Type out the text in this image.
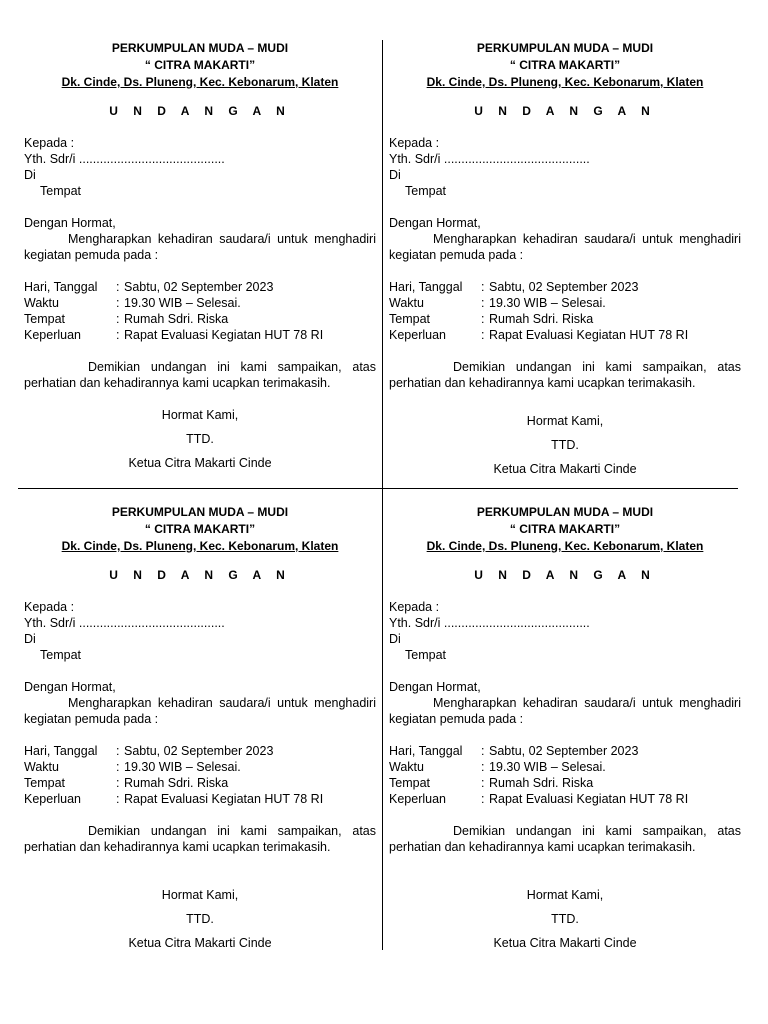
PERKUMPULAN MUDA – MUDI
“ CITRA MAKARTI”
Dk. Cinde, Ds. Pluneng, Kec. Kebonarum, Klaten
U N D A N G A N
Kepada :
Yth. Sdr/i ..........................................
Di
Tempat
Dengan Hormat,
Mengharapkan kehadiran saudara/i untuk menghadiri kegiatan pemuda pada :
Hari, Tanggal	: Sabtu, 02 September 2023
Waktu	: 19.30 WIB – Selesai.
Tempat	: Rumah Sdri. Riska
Keperluan	: Rapat Evaluasi Kegiatan HUT 78 RI
Demikian undangan ini kami sampaikan, atas perhatian dan kehadirannya kami ucapkan terimakasih.
Hormat Kami,
TTD.
Ketua Citra Makarti Cinde
PERKUMPULAN MUDA – MUDI
“ CITRA MAKARTI”
Dk. Cinde, Ds. Pluneng, Kec. Kebonarum, Klaten
U N D A N G A N
Kepada :
Yth. Sdr/i ..........................................
Di
Tempat
Dengan Hormat,
Mengharapkan kehadiran saudara/i untuk menghadiri kegiatan pemuda pada :
Hari, Tanggal	: Sabtu, 02 September 2023
Waktu	: 19.30 WIB – Selesai.
Tempat	: Rumah Sdri. Riska
Keperluan	: Rapat Evaluasi Kegiatan HUT 78 RI
Demikian undangan ini kami sampaikan, atas perhatian dan kehadirannya kami ucapkan terimakasih.
Hormat Kami,
TTD.
Ketua Citra Makarti Cinde
PERKUMPULAN MUDA – MUDI
“ CITRA MAKARTI”
Dk. Cinde, Ds. Pluneng, Kec. Kebonarum, Klaten
U N D A N G A N
Kepada :
Yth. Sdr/i ..........................................
Di
Tempat
Dengan Hormat,
Mengharapkan kehadiran saudara/i untuk menghadiri kegiatan pemuda pada :
Hari, Tanggal	: Sabtu, 02 September 2023
Waktu	: 19.30 WIB – Selesai.
Tempat	: Rumah Sdri. Riska
Keperluan	: Rapat Evaluasi Kegiatan HUT 78 RI
Demikian undangan ini kami sampaikan, atas perhatian dan kehadirannya kami ucapkan terimakasih.
Hormat Kami,
TTD.
Ketua Citra Makarti Cinde
PERKUMPULAN MUDA – MUDI
“ CITRA MAKARTI”
Dk. Cinde, Ds. Pluneng, Kec. Kebonarum, Klaten
U N D A N G A N
Kepada :
Yth. Sdr/i ..........................................
Di
Tempat
Dengan Hormat,
Mengharapkan kehadiran saudara/i untuk menghadiri kegiatan pemuda pada :
Hari, Tanggal	: Sabtu, 02 September 2023
Waktu	: 19.30 WIB – Selesai.
Tempat	: Rumah Sdri. Riska
Keperluan	: Rapat Evaluasi Kegiatan HUT 78 RI
Demikian undangan ini kami sampaikan, atas perhatian dan kehadirannya kami ucapkan terimakasih.
Hormat Kami,
TTD.
Ketua Citra Makarti Cinde
